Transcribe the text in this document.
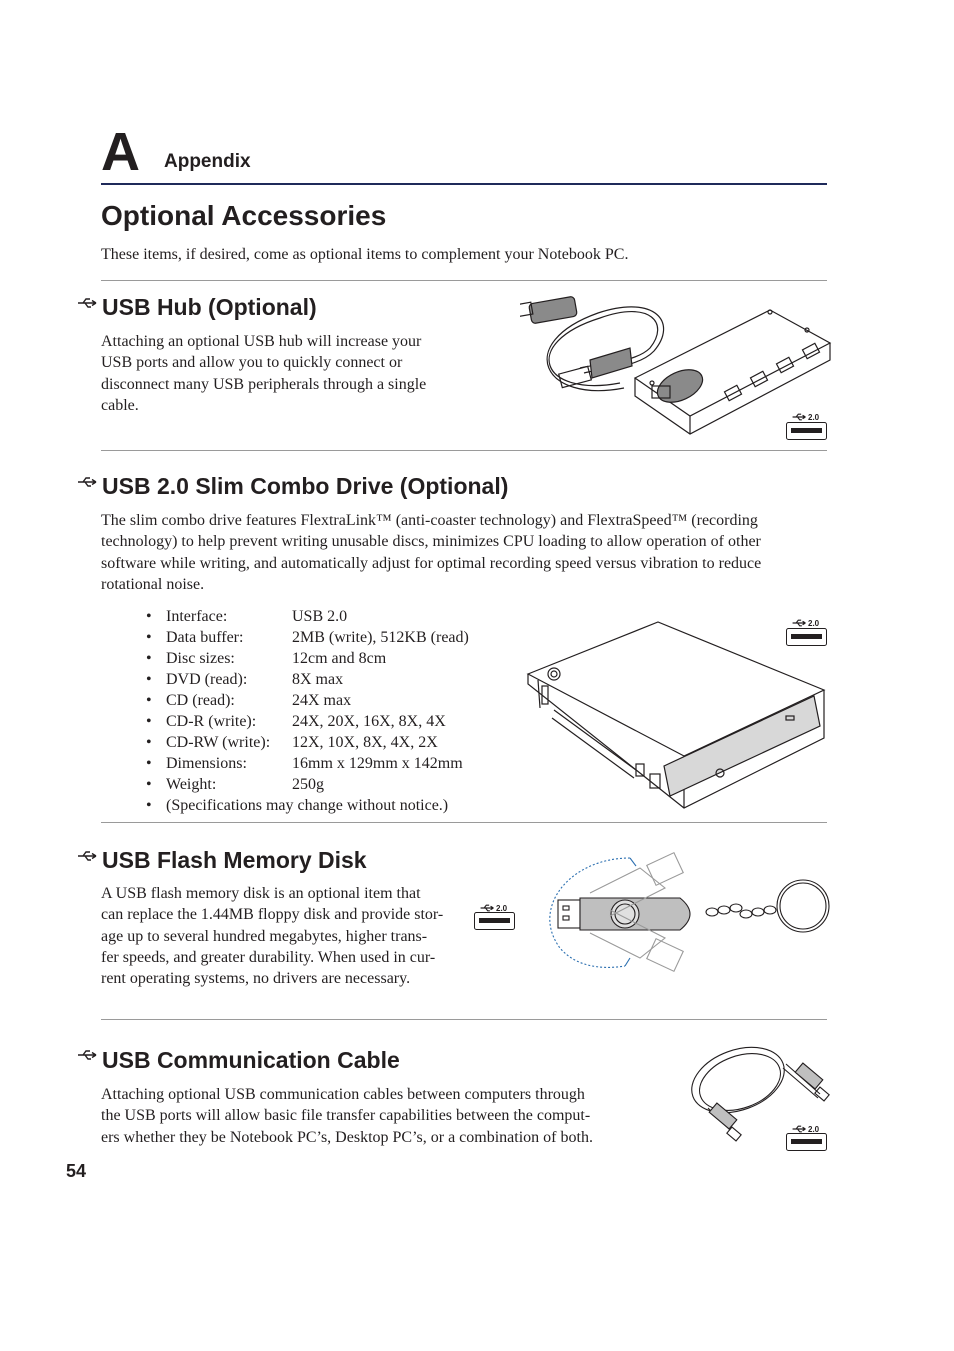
A Appendix
Optional Accessories
These items, if desired, come as optional items to complement your Notebook PC.
USB Hub (Optional)
Attaching an optional USB hub will increase your
USB ports and allow you to quickly connect or
disconnect many USB peripherals through a single
cable.
2.0
USB 2.0 Slim Combo Drive (Optional)
The slim combo drive features FlextraLink™ (anti-coaster technology) and FlextraSpeed™ (recording
technology) to help prevent writing unusable discs, minimizes CPU loading to allow operation of other
software while writing, and automatically adjust for optimal recording speed versus vibration to reduce
rotational noise.
•	Interface:	USB 2.0
•	Data buffer:	2MB (write), 512KB (read)
•	Disc sizes:	12cm and 8cm
•	DVD (read):	8X max
•	CD (read):	24X max
•	CD-R (write):	24X, 20X, 16X, 8X, 4X
•	CD-RW (write):	12X, 10X, 8X, 4X, 2X
•	Dimensions:	16mm x 129mm x 142mm
•	Weight:	250g
•	(Specifications may change without notice.)	
2.0
USB Flash Memory Disk
A USB flash memory disk is an optional item that
can replace the 1.44MB floppy disk and provide stor-
age up to several hundred megabytes, higher trans-
fer speeds, and greater durability. When used in cur-
rent operating systems, no drivers are necessary.
2.0
USB Communication Cable
Attaching optional USB communication cables between computers through
the USB ports will allow basic file transfer capabilities between the comput-
ers whether they be Notebook PC’s, Desktop PC’s, or a combination of both.	2.0
54
